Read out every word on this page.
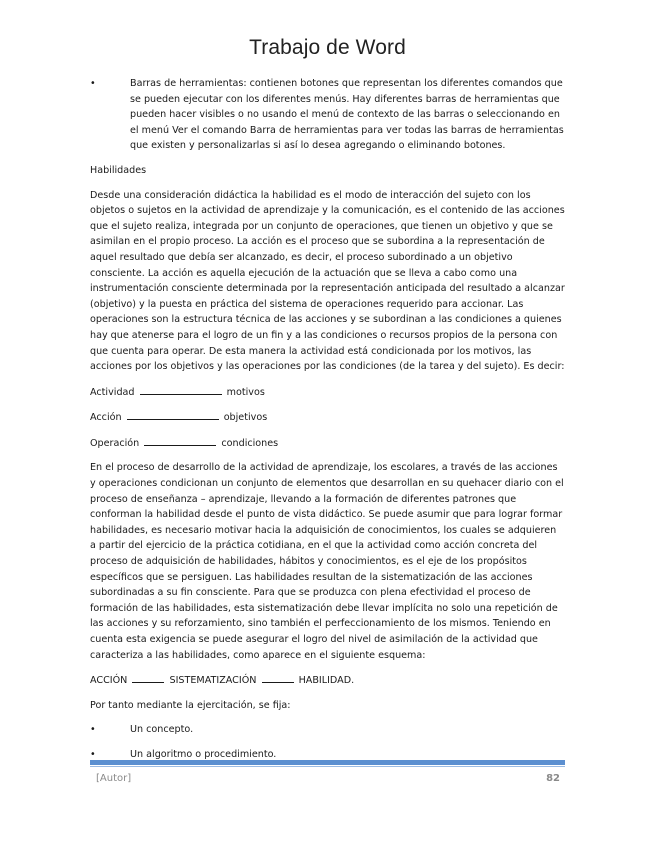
Trabajo de Word
•	Barras de herramientas: contienen botones que representan los diferentes comandos que se pueden ejecutar con los diferentes menús. Hay diferentes barras de herramientas que pueden hacer visibles o no usando el menú de contexto de las barras o seleccionando en el menú Ver el comando Barra de herramientas para ver todas las barras de herramientas que existen y personalizarlas si así lo desea agregando o eliminando botones.
Habilidades
Desde una consideración didáctica la habilidad es el modo de interacción del sujeto con los objetos o sujetos en la actividad de aprendizaje y la comunicación, es el contenido de las acciones que el sujeto realiza, integrada por un conjunto de operaciones, que tienen un objetivo y que se asimilan en el propio proceso. La acción es el proceso que se subordina a la representación de aquel resultado que debía ser alcanzado, es decir, el proceso subordinado a un objetivo consciente. La acción es aquella ejecución de la actuación que se lleva a cabo como una instrumentación consciente determinada por la representación anticipada del resultado a alcanzar (objetivo) y la puesta en práctica del sistema de operaciones requerido para accionar. Las operaciones son la estructura técnica de las acciones y se subordinan a las condiciones a quienes hay que atenerse para el logro de un fin y a las condiciones o recursos propios de la persona con que cuenta para operar. De esta manera la actividad está condicionada por los motivos, las acciones por los objetivos y las operaciones por las condiciones (de la tarea y del sujeto). Es decir:
Actividad	motivos
Acción	objetivos
Operación	condiciones
En el proceso de desarrollo de la actividad de aprendizaje, los escolares, a través de las acciones y operaciones condicionan un conjunto de elementos que desarrollan en su quehacer diario con el proceso de enseñanza – aprendizaje, llevando a la formación de diferentes patrones que conforman la habilidad desde el punto de vista didáctico. Se puede asumir que para lograr formar habilidades, es necesario motivar hacia la adquisición de conocimientos, los cuales se adquieren a partir del ejercicio de la práctica cotidiana, en el que la actividad como acción concreta del proceso de adquisición de habilidades, hábitos y conocimientos, es el eje de los propósitos específicos que se persiguen. Las habilidades resultan de la sistematización de las acciones subordinadas a su fin consciente. Para que se produzca con plena efectividad el proceso de formación de las habilidades, esta sistematización debe llevar implícita no solo una repetición de las acciones y su reforzamiento, sino también el perfeccionamiento de los mismos. Teniendo en cuenta esta exigencia se puede asegurar el logro del nivel de asimilación de la actividad que caracteriza a las habilidades, como aparece en el siguiente esquema:
ACCIÓN	SISTEMATIZACIÓN	HABILIDAD.
Por tanto mediante la ejercitación, se fija:
•	Un concepto.
•	Un algoritmo o procedimiento.
[Autor]	82
